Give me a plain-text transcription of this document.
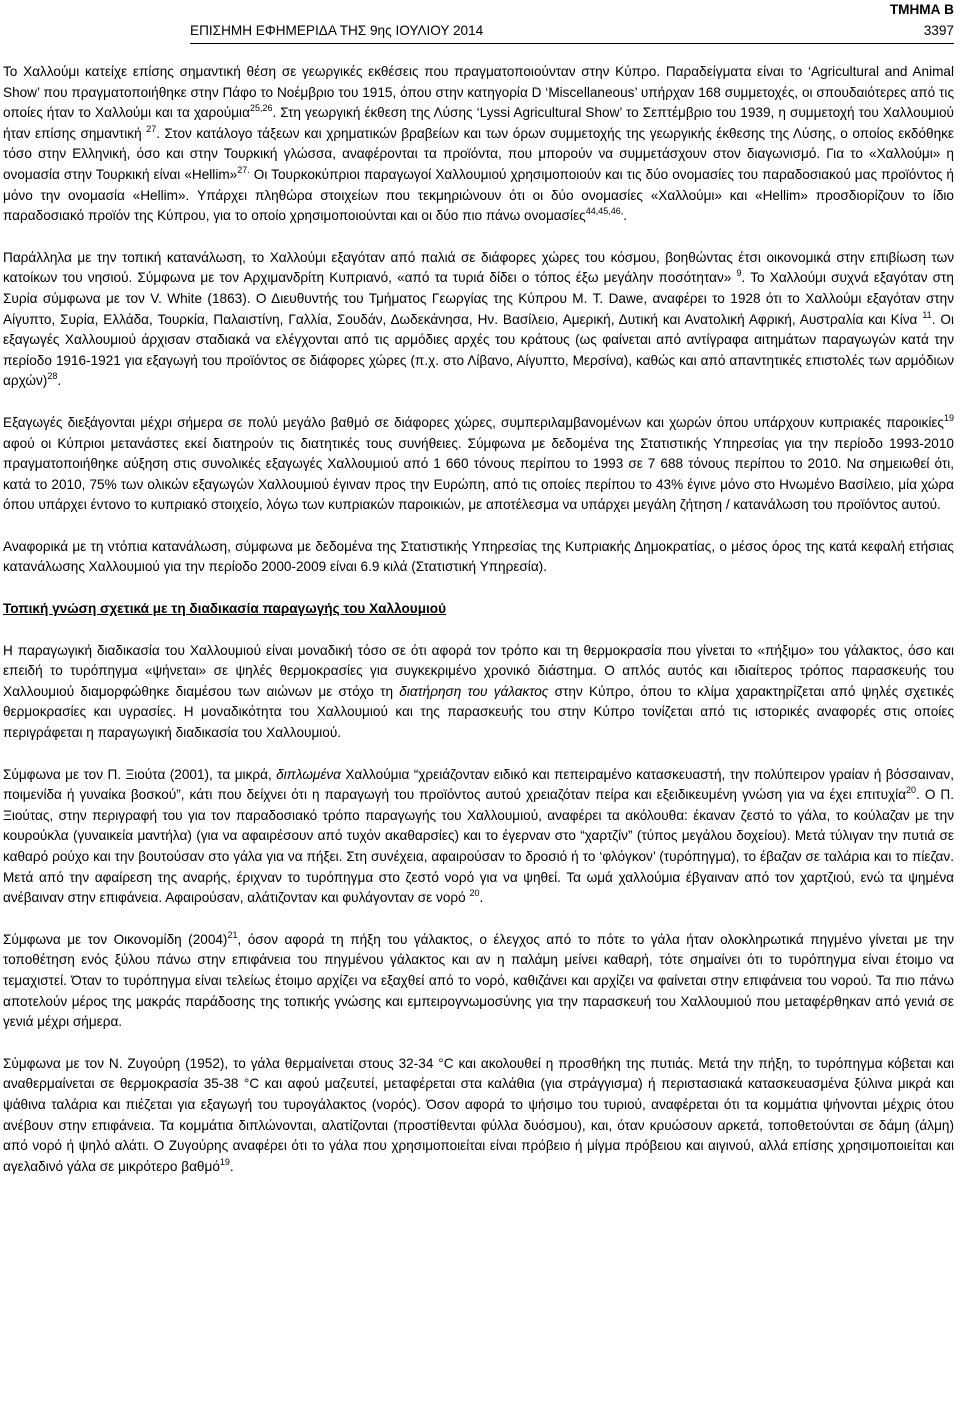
ΤΜΗΜΑ Β
ΕΠΙΣΗΜΗ ΕΦΗΜΕΡΙΔΑ ΤΗΣ 9ης ΙΟΥΛΙΟΥ 2014	3397

Το Χαλλούμι κατείχε επίσης σημαντική θέση σε γεωργικές εκθέσεις που πραγματοποιούνταν στην Κύπρο. Παραδείγματα είναι το ‘Agricultural and Animal Show’ που πραγματοποιήθηκε στην Πάφο το Νοέμβριο του 1915, όπου στην κατηγορία D ‘Miscellaneous’ υπήρχαν 168 συμμετοχές, οι σπουδαιότερες από τις οποίες ήταν το Χαλλούμι και τα χαρούμια$^{25,26}$. Στη γεωργική έκθεση της Λύσης ‘Lyssi Agricultural Show’ το Σεπτέμβριο του 1939, η συμμετοχή του Χαλλουμιού ήταν επίσης σημαντική $^{27}$. Στον κατάλογο τάξεων και χρηματικών βραβείων και των όρων συμμετοχής της γεωργικής έκθεσης της Λύσης, ο οποίος εκδόθηκε τόσο στην Ελληνική, όσο και στην Τουρκική γλώσσα, αναφέρονται τα προϊόντα, που μπορούν να συμμετάσχουν στον διαγωνισμό. Για το «Χαλλούμι» η ονομασία στην Τουρκική είναι «Hellim»$^{27.}$ Οι Τουρκοκύπριοι παραγωγοί Χαλλουμιού χρησιμοποιούν και τις δύο ονομασίες του παραδοσιακού μας προϊόντος ή μόνο την ονομασία «Hellim». Υπάρχει πληθώρα στοιχείων που τεκμηριώνουν ότι οι δύο ονομασίες «Χαλλούμι» και «Hellim» προσδιορίζουν το ίδιο παραδοσιακό προϊόν της Κύπρου, για το οποίο χρησιμοποιούνται και οι δύο πιο πάνω ονομασίες$^{44,45,46,}$.

Παράλληλα με την τοπική κατανάλωση, το Χαλλούμι εξαγόταν από παλιά σε διάφορες χώρες του κόσμου, βοηθώντας έτσι οικονομικά στην επιβίωση των κατοίκων του νησιού. Σύμφωνα με τον Αρχιμανδρίτη Κυπριανό, «από τα τυριά δίδει ο τόπος έξω μεγάλην ποσότηταν» $^9$. Το Χαλλούμι συχνά εξαγόταν στη Συρία σύμφωνα με τον V. White (1863). Ο Διευθυντής του Τμήματος Γεωργίας της Κύπρου Μ. Τ. Dawe, αναφέρει το 1928 ότι το Χαλλούμι εξαγόταν στην Αίγυπτο, Συρία, Ελλάδα, Τουρκία, Παλαιστίνη, Γαλλία, Σουδάν, Δωδεκάνησα, Ην. Βασίλειο, Αμερική, Δυτική και Ανατολική Αφρική, Αυστραλία και Κίνα $^{11}$. Οι εξαγωγές Χαλλουμιού άρχισαν σταδιακά να ελέγχονται από τις αρμόδιες αρχές του κράτους (ως φαίνεται από αντίγραφα αιτημάτων παραγωγών κατά την περίοδο 1916-1921 για εξαγωγή του προϊόντος σε διάφορες χώρες (π.χ. στο Λίβανο, Αίγυπτο, Μερσίνα), καθώς και από απαντητικές επιστολές των αρμόδιων αρχών)$^{28}$.

Εξαγωγές διεξάγονται μέχρι σήμερα σε πολύ μεγάλο βαθμό σε διάφορες χώρες, συμπεριλαμβανομένων και χωρών όπου υπάρχουν κυπριακές παροικίες$^{19}$ αφού οι Κύπριοι μετανάστες εκεί διατηρούν τις διατητικές τους συνήθειες. Σύμφωνα με δεδομένα της Στατιστικής Υπηρεσίας για την περίοδο 1993-2010 πραγματοποιήθηκε αύξηση στις συνολικές εξαγωγές Χαλλουμιού από 1 660 τόνους περίπου το 1993 σε 7 688 τόνους περίπου το 2010. Να σημειωθεί ότι, κατά το 2010, 75% των ολικών εξαγωγών Χαλλουμιού έγιναν προς την Ευρώπη, από τις οποίες περίπου το 43% έγινε μόνο στο Ηνωμένο Βασίλειο, μία χώρα όπου υπάρχει έντονο το κυπριακό στοιχείο, λόγω των κυπριακών παροικιών, με αποτέλεσμα να υπάρχει μεγάλη ζήτηση / κατανάλωση του προϊόντος αυτού.

Αναφορικά με τη ντόπια κατανάλωση, σύμφωνα με δεδομένα της Στατιστικής Υπηρεσίας της Κυπριακής Δημοκρατίας, ο μέσος όρος της κατά κεφαλή ετήσιας κατανάλωσης Χαλλουμιού για την περίοδο 2000-2009 είναι 6.9 κιλά (Στατιστική Υπηρεσία).

Τοπική γνώση σχετικά με τη διαδικασία παραγωγής του Χαλλουμιού

Η παραγωγική διαδικασία του Χαλλουμιού είναι μοναδική τόσο σε ότι αφορά τον τρόπο και τη θερμοκρασία που γίνεται το «πήξιμο» του γάλακτος, όσο και επειδή το τυρόπηγμα «ψήνεται» σε ψηλές θερμοκρασίες για συγκεκριμένο χρονικό διάστημα. Ο απλός αυτός και ιδιαίτερος τρόπος παρασκευής του Χαλλουμιού διαμορφώθηκε διαμέσου των αιώνων με στόχο τη διατήρηση του γάλακτος στην Κύπρο, όπου το κλίμα χαρακτηρίζεται από ψηλές σχετικές θερμοκρασίες και υγρασίες. Η μοναδικότητα του Χαλλουμιού και της παρασκευής του στην Κύπρο τονίζεται από τις ιστορικές αναφορές στις οποίες περιγράφεται η παραγωγική διαδικασία του Χαλλουμιού.

Σύμφωνα με τον Π. Ξιούτα (2001), τα μικρά, διπλωμένα Χαλλούμια “χρειάζονταν ειδικό και πεπειραμένο κατασκευαστή, την πολύπειρον γραίαν ή βόσσαιναν, ποιμενίδα ή γυναίκα βοσκού”, κάτι που δείχνει ότι η παραγωγή του προϊόντος αυτού χρειαζόταν πείρα και εξειδικευμένη γνώση για να έχει επιτυχία$^{20}$. Ο Π. Ξιούτας, στην περιγραφή του για τον παραδοσιακό τρόπο παραγωγής του Χαλλουμιού, αναφέρει τα ακόλουθα: έκαναν ζεστό το γάλα, το κούλαζαν με την κουρούκλα (γυναικεία μαντήλα) (για να αφαιρέσουν από τυχόν ακαθαρσίες) και το έγερναν στο “χαρτζίν” (τύπος μεγάλου δοχείου). Μετά τύλιγαν την πυτιά σε καθαρό ρούχο και την βουτούσαν στο γάλα για να πήξει. Στη συνέχεια, αφαιρούσαν το δροσιό ή το ‘φλόγκον’ (τυρόπηγμα), το έβαζαν σε ταλάρια και το πίεζαν. Μετά από την αφαίρεση της αναρής, έριχναν το τυρόπηγμα στο ζεστό νορό για να ψηθεί. Τα ωμά χαλλούμια έβγαιναν από τον χαρτζιού, ενώ τα ψημένα ανέβαιναν στην επιφάνεια. Αφαιρούσαν, αλάτιζονταν και φυλάγονταν σε νορό $^{20}$.

Σύμφωνα με τον Οικονομίδη $(2004)^{21}$, όσον αφορά τη πήξη του γάλακτος, ο έλεγχος από το πότε το γάλα ήταν ολοκληρωτικά πηγμένο γίνεται με την τοποθέτηση ενός ξύλου πάνω στην επιφάνεια του πηγμένου γάλακτος και αν η παλάμη μείνει καθαρή, τότε σημαίνει ότι το τυρόπηγμα είναι έτοιμο να τεμαχιστεί. Όταν το τυρόπηγμα είναι τελείως έτοιμο αρχίζει να εξαχθεί από το νορό, καθιζάνει και αρχίζει να φαίνεται στην επιφάνεια του νορού. Τα πιο πάνω αποτελούν μέρος της μακράς παράδοσης της τοπικής γνώσης και εμπειρογνωμοσύνης για την παρασκευή του Χαλλουμιού που μεταφέρθηκαν από γενιά σε γενιά μέχρι σήμερα.

Σύμφωνα με τον Ν. Ζυγούρη (1952), το γάλα θερμαίνεται στους 32-34 °C και ακολουθεί η προσθήκη της πυτιάς. Μετά την πήξη, το τυρόπηγμα κόβεται και αναθερμαίνεται σε θερμοκρασία 35-38 °C και αφού μαζευτεί, μεταφέρεται στα καλάθια (για στράγγισμα) ή περιστασιακά κατασκευασμένα ξύλινα μικρά και ψάθινα ταλάρια και πιέζεται για εξαγωγή του τυρογάλακτος (νορός). Όσον αφορά το ψήσιμο του τυριού, αναφέρεται ότι τα κομμάτια ψήνονται μέχρις ότου ανέβουν στην επιφάνεια. Τα κομμάτια διπλώνονται, αλατίζονται (προστίθενται φύλλα δυόσμου), και, όταν κρυώσουν αρκετά, τοποθετούνται σε δάμη (άλμη) από νορό ή ψηλό αλάτι. Ο Ζυγούρης αναφέρει ότι το γάλα που χρησιμοποιείται είναι πρόβειο ή μίγμα πρόβειου και αιγινού, αλλά επίσης χρησιμοποιείται και αγελαδινό γάλα σε μικρότερο βαθμό$^{19}$.
